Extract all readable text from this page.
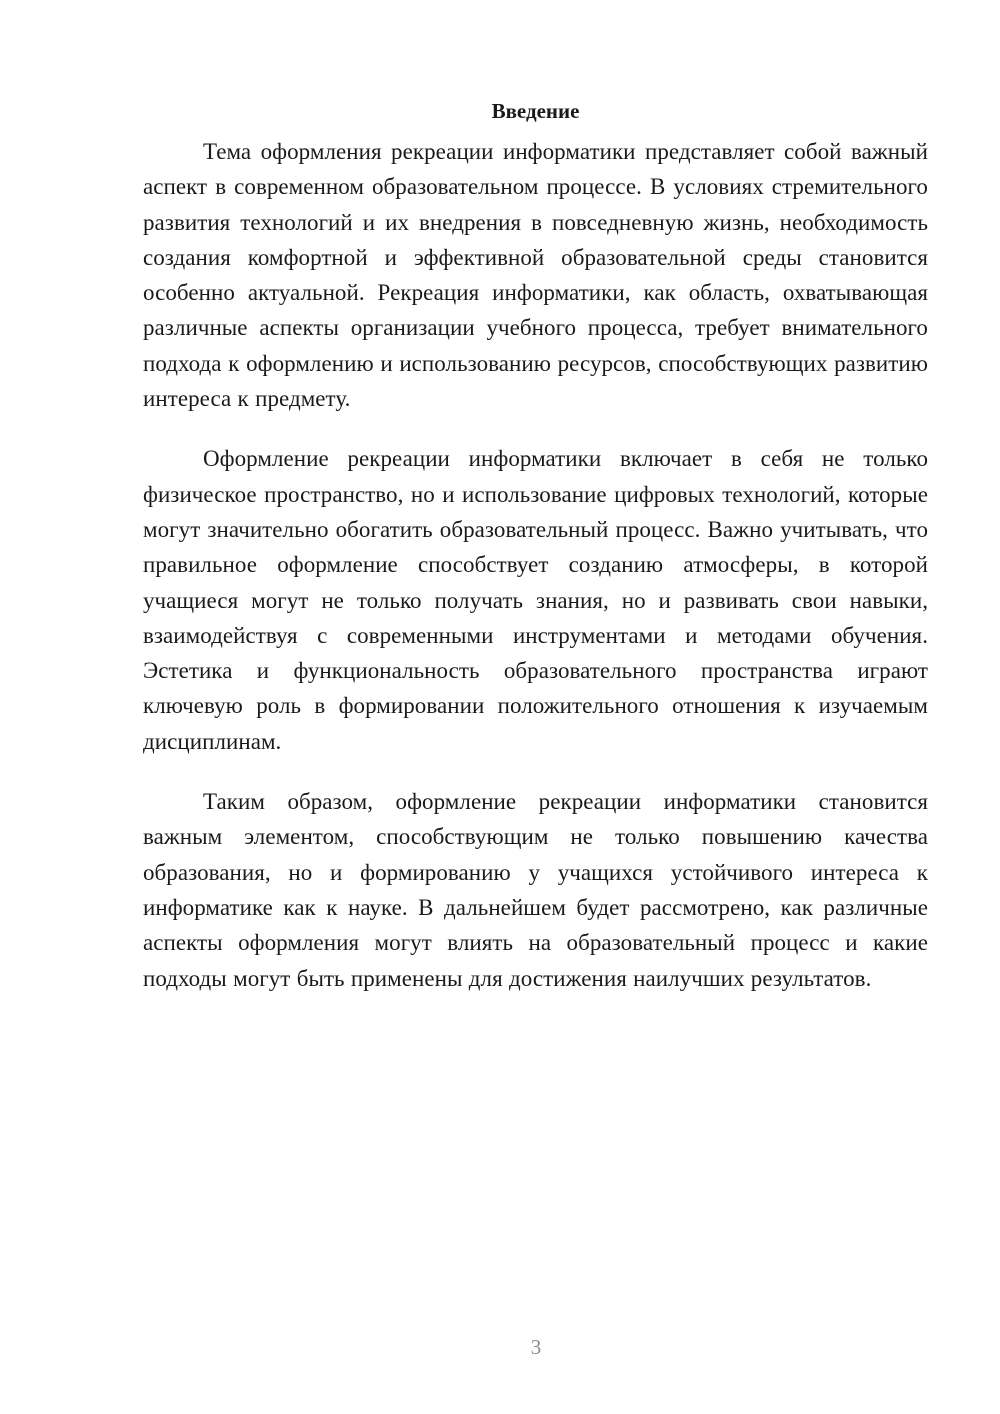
Введение

Тема оформления рекреации информатики представляет собой важный аспект в современном образовательном процессе. В условиях стремительного развития технологий и их внедрения в повседневную жизнь, необходимость создания комфортной и эффективной образовательной среды становится особенно актуальной. Рекреация информатики, как область, охватывающая различные аспекты организации учебного процесса, требует внимательного подхода к оформлению и использованию ресурсов, способствующих развитию интереса к предмету.

Оформление рекреации информатики включает в себя не только физическое пространство, но и использование цифровых технологий, которые могут значительно обогатить образовательный процесс. Важно учитывать, что правильное оформление способствует созданию атмосферы, в которой учащиеся могут не только получать знания, но и развивать свои навыки, взаимодействуя с современными инструментами и методами обучения. Эстетика и функциональность образовательного пространства играют ключевую роль в формировании положительного отношения к изучаемым дисциплинам.

Таким образом, оформление рекреации информатики становится важным элементом, способствующим не только повышению качества образования, но и формированию у учащихся устойчивого интереса к информатике как к науке. В дальнейшем будет рассмотрено, как различные аспекты оформления могут влиять на образовательный процесс и какие подходы могут быть применены для достижения наилучших результатов.

3
